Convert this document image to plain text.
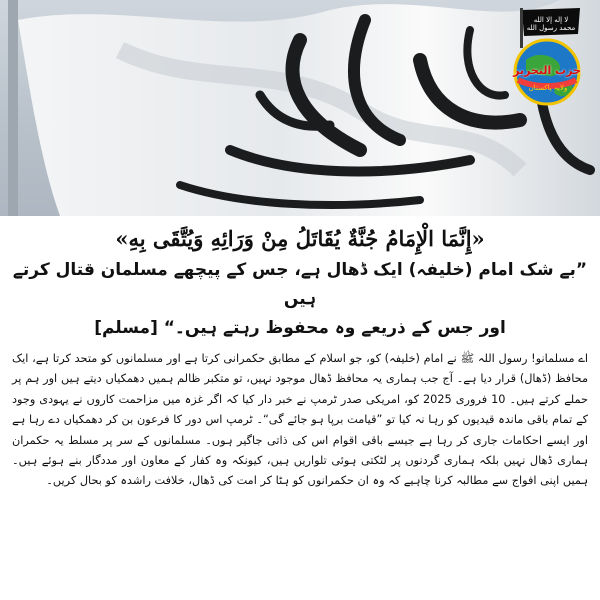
لا إله إلا الله محمد رسول الله
حزب التحرير
ولایہ پاکستان

«إِنَّمَا الْإِمَامُ جُنَّةٌ يُقَاتَلُ مِنْ وَرَائِهِ وَيُتَّقَى بِهِ»

”بے شک امام (خلیفہ) ایک ڈھال ہے، جس کے پیچھے مسلمان قتال کرتے ہیں

اور جس کے ذریعے وہ محفوظ رہتے ہیں۔“ [مسلم]

اے مسلمانو! رسول اللہ ﷺ نے امام (خلیفہ) کو، جو اسلام کے مطابق حکمرانی کرتا ہے اور مسلمانوں کو متحد کرتا ہے، ایک محافظ (ڈھال) قرار دیا ہے۔ آج جب ہماری یہ محافظ ڈھال موجود نہیں، تو متکبر ظالم ہمیں دھمکیاں دیتے ہیں اور ہم پر حملے کرتے ہیں۔ 10 فروری 2025 کو، امریکی صدر ٹرمپ نے خبر دار کیا کہ اگر غزہ میں مزاحمت کاروں نے یہودی وجود کے تمام باقی ماندہ قیدیوں کو رہا نہ کیا تو ”قیامت برپا ہو جائے گی“۔ ٹرمپ اس دور کا فرعون بن کر دھمکیاں دے رہا ہے اور ایسے احکامات جاری کر رہا ہے جیسے باقی اقوام اس کی ذاتی جاگیر ہوں۔ مسلمانوں کے سر پر مسلط یہ حکمران ہماری ڈھال نہیں بلکہ ہماری گردنوں پر لٹکتی ہوئی تلواریں ہیں، کیونکہ وہ کفار کے معاون اور مددگار بنے ہوئے ہیں۔ ہمیں اپنی افواج سے مطالبہ کرنا چاہیے کہ وہ ان حکمرانوں کو ہٹا کر امت کی ڈھال، خلافت راشدہ کو بحال کریں۔
